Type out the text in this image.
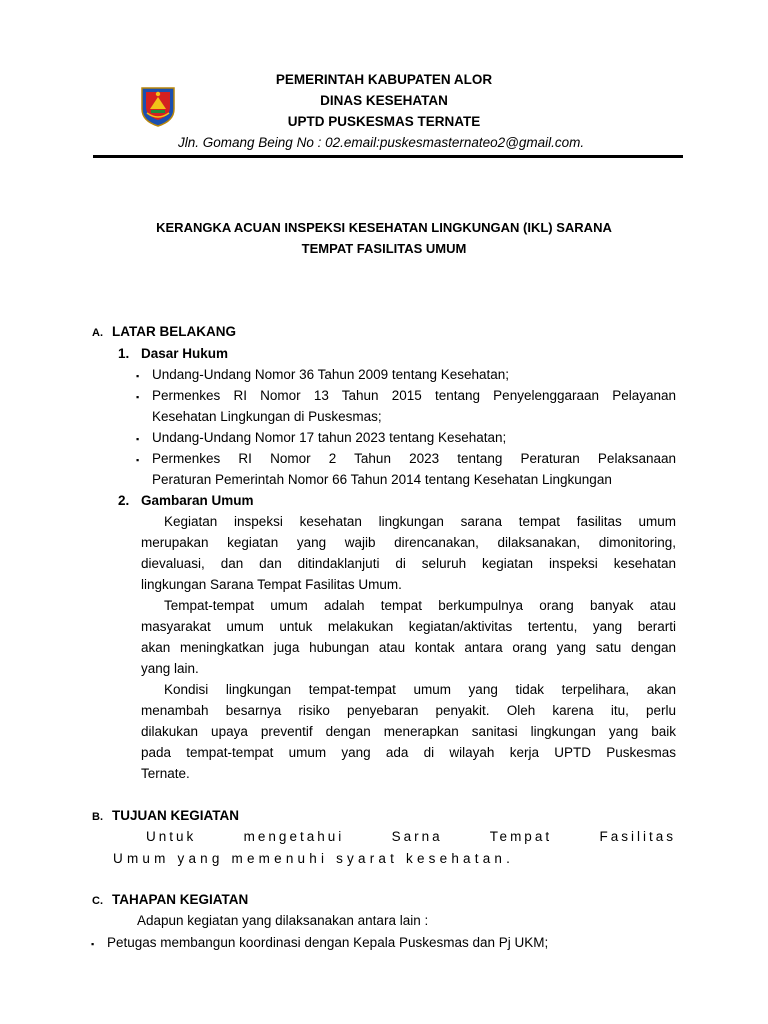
PEMERINTAH KABUPATEN ALOR
DINAS KESEHATAN
UPTD PUSKESMAS TERNATE
Jln. Gomang Being No : 02.email:puskesmasternateo2@gmail.com.
KERANGKA ACUAN INSPEKSI KESEHATAN LINGKUNGAN (IKL) SARANA
TEMPAT FASILITAS UMUM
A. LATAR BELAKANG
1. Dasar Hukum
▪ Undang-Undang Nomor 36 Tahun 2009 tentang Kesehatan;
▪ Permenkes RI Nomor 13 Tahun 2015 tentang Penyelenggaraan Pelayanan
Kesehatan Lingkungan di Puskesmas;
▪ Undang-Undang Nomor 17 tahun 2023 tentang Kesehatan;
▪ Permenkes RI Nomor 2 Tahun 2023 tentang Peraturan Pelaksanaan
Peraturan Pemerintah Nomor 66 Tahun 2014 tentang Kesehatan Lingkungan
2. Gambaran Umum
Kegiatan inspeksi kesehatan lingkungan sarana tempat fasilitas umum
merupakan kegiatan yang wajib direncanakan, dilaksanakan, dimonitoring,
dievaluasi, dan dan ditindaklanjuti di seluruh kegiatan inspeksi kesehatan
lingkungan Sarana Tempat Fasilitas Umum.
Tempat-tempat umum adalah tempat berkumpulnya orang banyak atau
masyarakat umum untuk melakukan kegiatan/aktivitas tertentu, yang berarti
akan meningkatkan juga hubungan atau kontak antara orang yang satu dengan
yang lain.
Kondisi lingkungan tempat-tempat umum yang tidak terpelihara, akan
menambah besarnya risiko penyebaran penyakit. Oleh karena itu, perlu
dilakukan upaya preventif dengan menerapkan sanitasi lingkungan yang baik
pada tempat-tempat umum yang ada di wilayah kerja UPTD Puskesmas
Ternate.
B. TUJUAN KEGIATAN
Untuk mengetahui Sarna Tempat Fasilitas
Umum yang memenuhi syarat kesehatan.
C. TAHAPAN KEGIATAN
Adapun kegiatan yang dilaksanakan antara lain :
▪ Petugas membangun koordinasi dengan Kepala Puskesmas dan Pj UKM;
